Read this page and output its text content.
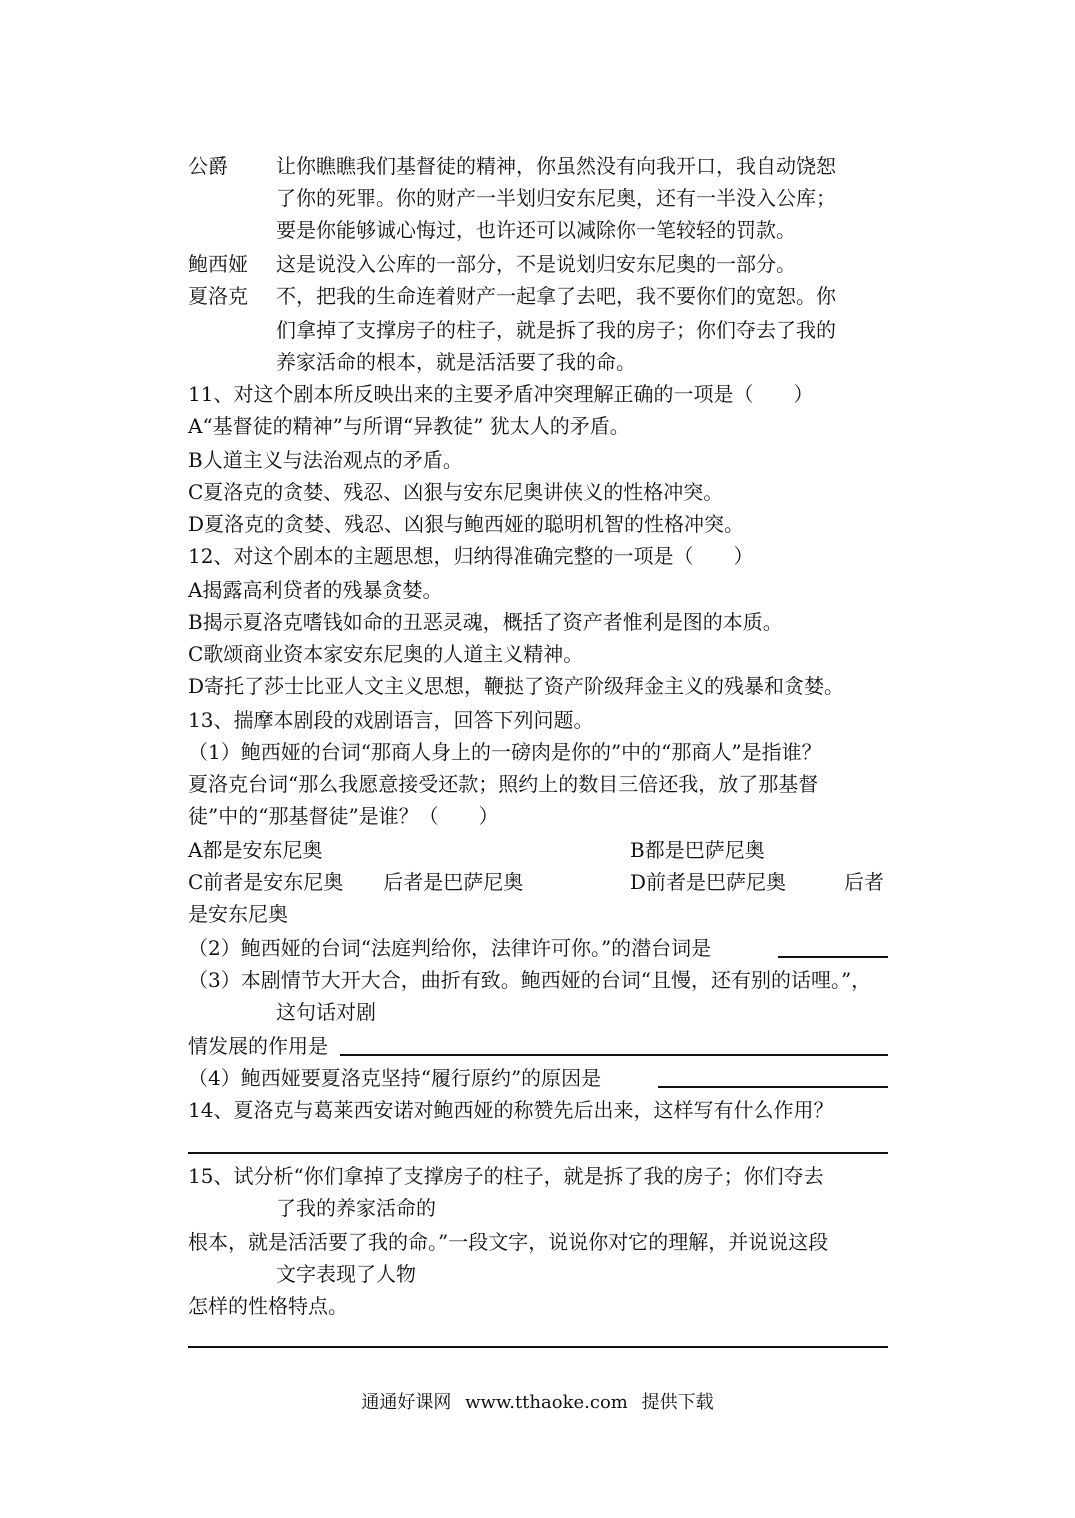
公爵	让你瞧瞧我们基督徒的精神，你虽然没有向我开口，我自动饶恕
了你的死罪。你的财产一半划归安东尼奥，还有一半没入公库；
要是你能够诚心悔过，也许还可以减除你一笔较轻的罚款。
鲍西娅	这是说没入公库的一部分，不是说划归安东尼奥的一部分。
夏洛克	不，把我的生命连着财产一起拿了去吧，我不要你们的宽恕。你
们拿掉了支撑房子的柱子，就是拆了我的房子；你们夺去了我的
养家活命的根本，就是活活要了我的命。
11、对这个剧本所反映出来的主要矛盾冲突理解正确的一项是（　　）
A“基督徒的精神”与所谓“异教徒” 犹太人的矛盾。
B人道主义与法治观点的矛盾。
C夏洛克的贪婪、残忍、凶狠与安东尼奥讲侠义的性格冲突。
D夏洛克的贪婪、残忍、凶狠与鲍西娅的聪明机智的性格冲突。
12、对这个剧本的主题思想，归纳得准确完整的一项是（　　）
A揭露高利贷者的残暴贪婪。
B揭示夏洛克嗜钱如命的丑恶灵魂，概括了资产者惟利是图的本质。
C歌颂商业资本家安东尼奥的人道主义精神。
D寄托了莎士比亚人文主义思想，鞭挞了资产阶级拜金主义的残暴和贪婪。
13、揣摩本剧段的戏剧语言，回答下列问题。
（1）鲍西娅的台词“那商人身上的一磅肉是你的”中的“那商人”是指谁？
夏洛克台词“那么我愿意接受还款；照约上的数目三倍还我，放了那基督
徒”中的“那基督徒”是谁？（　　）
A都是安东尼奥	B都是巴萨尼奥
C前者是安东尼奥　　后者是巴萨尼奥	D前者是巴萨尼奥	后者
是安东尼奥
（2）鲍西娅的台词“法庭判给你，法律许可你。”的潜台词是
（3）本剧情节大开大合，曲折有致。鲍西娅的台词“且慢，还有别的话哩。”，
这句话对剧
情发展的作用是
（4）鲍西娅要夏洛克坚持“履行原约”的原因是
14、夏洛克与葛莱西安诺对鲍西娅的称赞先后出来，这样写有什么作用？
15、试分析“你们拿掉了支撑房子的柱子，就是拆了我的房子；你们夺去
了我的养家活命的
根本，就是活活要了我的命。”一段文字，说说你对它的理解，并说说这段
文字表现了人物
怎样的性格特点。
通通好课网 www.tthaoke.com 提供下载
